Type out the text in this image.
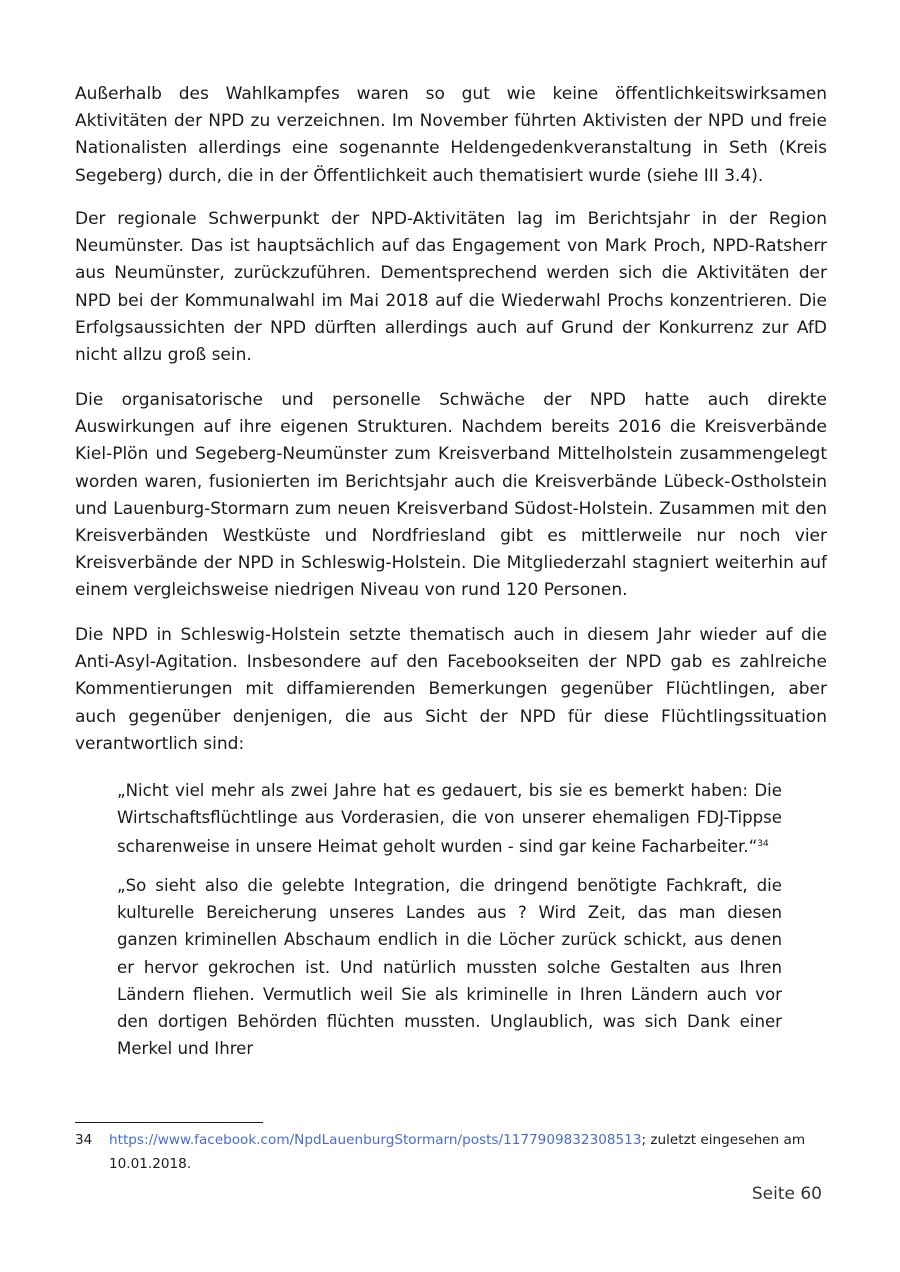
Außerhalb des Wahlkampfes waren so gut wie keine öffentlichkeitswirksamen Aktivitäten der NPD zu verzeichnen. Im November führten Aktivisten der NPD und freie Nationalisten allerdings eine sogenannte Heldengedenkveranstaltung in Seth (Kreis Segeberg) durch, die in der Öffentlichkeit auch thematisiert wurde (siehe III 3.4).

Der regionale Schwerpunkt der NPD-Aktivitäten lag im Berichtsjahr in der Region Neumünster. Das ist hauptsächlich auf das Engagement von Mark Proch, NPD-Ratsherr aus Neumünster, zurückzuführen. Dementsprechend werden sich die Aktivitäten der NPD bei der Kommunalwahl im Mai 2018 auf die Wiederwahl Prochs konzentrieren. Die Erfolgsaussichten der NPD dürften allerdings auch auf Grund der Konkurrenz zur AfD nicht allzu groß sein.

Die organisatorische und personelle Schwäche der NPD hatte auch direkte Auswirkungen auf ihre eigenen Strukturen. Nachdem bereits 2016 die Kreisverbände Kiel-Plön und Segeberg-Neumünster zum Kreisverband Mittelholstein zusammengelegt worden waren, fusionierten im Berichtsjahr auch die Kreisverbände Lübeck-Ostholstein und Lauenburg-Stormarn zum neuen Kreisverband Südost-Holstein. Zusammen mit den Kreisverbänden Westküste und Nordfriesland gibt es mittlerweile nur noch vier Kreisverbände der NPD in Schleswig-Holstein. Die Mitgliederzahl stagniert weiterhin auf einem vergleichsweise niedrigen Niveau von rund 120 Personen.

Die NPD in Schleswig-Holstein setzte thematisch auch in diesem Jahr wieder auf die Anti-Asyl-Agitation. Insbesondere auf den Facebookseiten der NPD gab es zahlreiche Kommentierungen mit diffamierenden Bemerkungen gegenüber Flüchtlingen, aber auch gegenüber denjenigen, die aus Sicht der NPD für diese Flüchtlingssituation verantwortlich sind:

„Nicht viel mehr als zwei Jahre hat es gedauert, bis sie es bemerkt haben: Die Wirtschaftsflüchtlinge aus Vorderasien, die von unserer ehemaligen FDJ-Tippse scharenweise in unsere Heimat geholt wurden - sind gar keine Facharbeiter.“$^{34}$

„So sieht also die gelebte Integration, die dringend benötigte Fachkraft, die kulturelle Bereicherung unseres Landes aus ? Wird Zeit, das man diesen ganzen kriminellen Abschaum endlich in die Löcher zurück schickt, aus denen er hervor gekrochen ist. Und natürlich mussten solche Gestalten aus Ihren Ländern fliehen. Vermutlich weil Sie als kriminelle in Ihren Ländern auch vor den dortigen Behörden flüchten mussten. Unglaublich, was sich Dank einer Merkel und Ihrer

34 https://www.facebook.com/NpdLauenburgStormarn/posts/1177909832308513; zuletzt eingesehen am 10.01.2018.
Seite 60
